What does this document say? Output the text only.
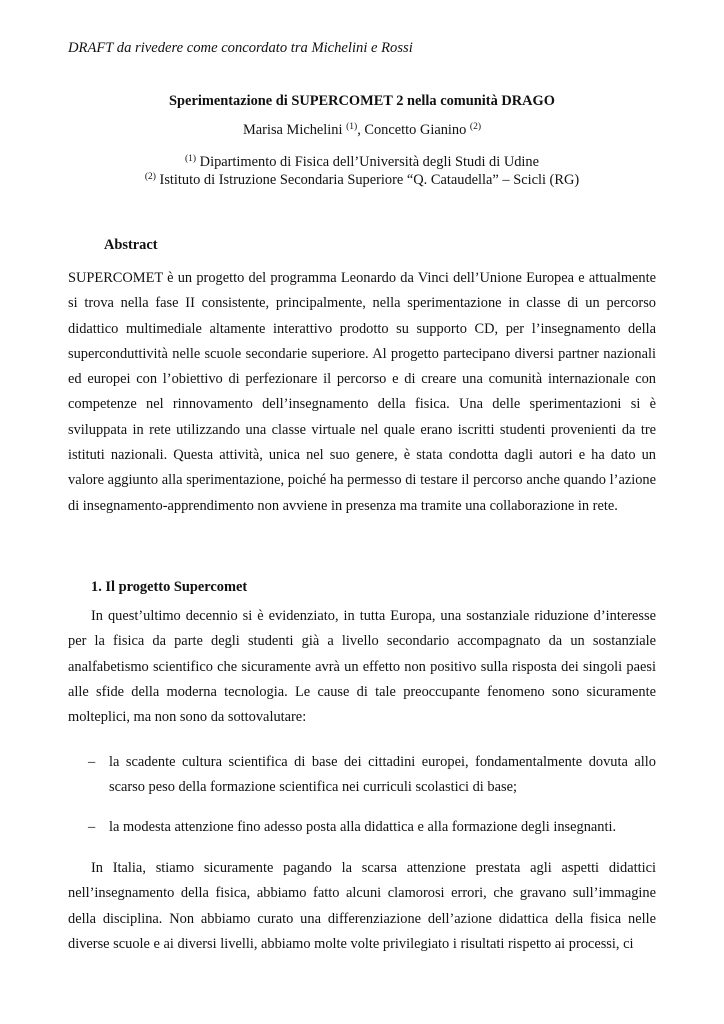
DRAFT da rivedere come concordato tra Michelini e Rossi

Sperimentazione di SUPERCOMET 2 nella comunità DRAGO

Marisa Michelini $^{(1)}$, Concetto Gianino $^{(2)}$

$^{(1)}$ Dipartimento di Fisica dell’Università degli Studi di Udine

$^{(2)}$ Istituto di Istruzione Secondaria Superiore “Q. Cataudella” – Scicli (RG)

Abstract

SUPERCOMET è un progetto del programma Leonardo da Vinci dell’Unione Europea e attualmente si trova nella fase II consistente, principalmente, nella sperimentazione in classe di un percorso didattico multimediale altamente interattivo prodotto su supporto CD, per l’insegnamento della superconduttività nelle scuole secondarie superiore. Al progetto partecipano diversi partner nazionali ed europei con l’obiettivo di perfezionare il percorso e di creare una comunità internazionale con competenze nel rinnovamento dell’insegnamento della fisica. Una delle sperimentazioni si è sviluppata in rete utilizzando una classe virtuale nel quale erano iscritti studenti provenienti da tre istituti nazionali. Questa attività, unica nel suo genere, è stata condotta dagli autori e ha dato un valore aggiunto alla sperimentazione, poiché ha permesso di testare il percorso anche quando l’azione di insegnamento-apprendimento non avviene in presenza ma tramite una collaborazione in rete.

1. Il progetto Supercomet

In quest’ultimo decennio si è evidenziato, in tutta Europa, una sostanziale riduzione d’interesse per la fisica da parte degli studenti già a livello secondario accompagnato da un sostanziale analfabetismo scientifico che sicuramente avrà un effetto non positivo sulla risposta dei singoli paesi alle sfide della moderna tecnologia. Le cause di tale preoccupante fenomeno sono sicuramente molteplici, ma non sono da sottovalutare:

– la scadente cultura scientifica di base dei cittadini europei, fondamentalmente dovuta allo scarso peso della formazione scientifica nei curriculi scolastici di base;
– la modesta attenzione fino adesso posta alla didattica e alla formazione degli insegnanti.

In Italia, stiamo sicuramente pagando la scarsa attenzione prestata agli aspetti didattici nell’insegnamento della fisica, abbiamo fatto alcuni clamorosi errori, che gravano sull’immagine della disciplina. Non abbiamo curato una differenziazione dell’azione didattica della fisica nelle diverse scuole e ai diversi livelli, abbiamo molte volte privilegiato i risultati rispetto ai processi, ci
